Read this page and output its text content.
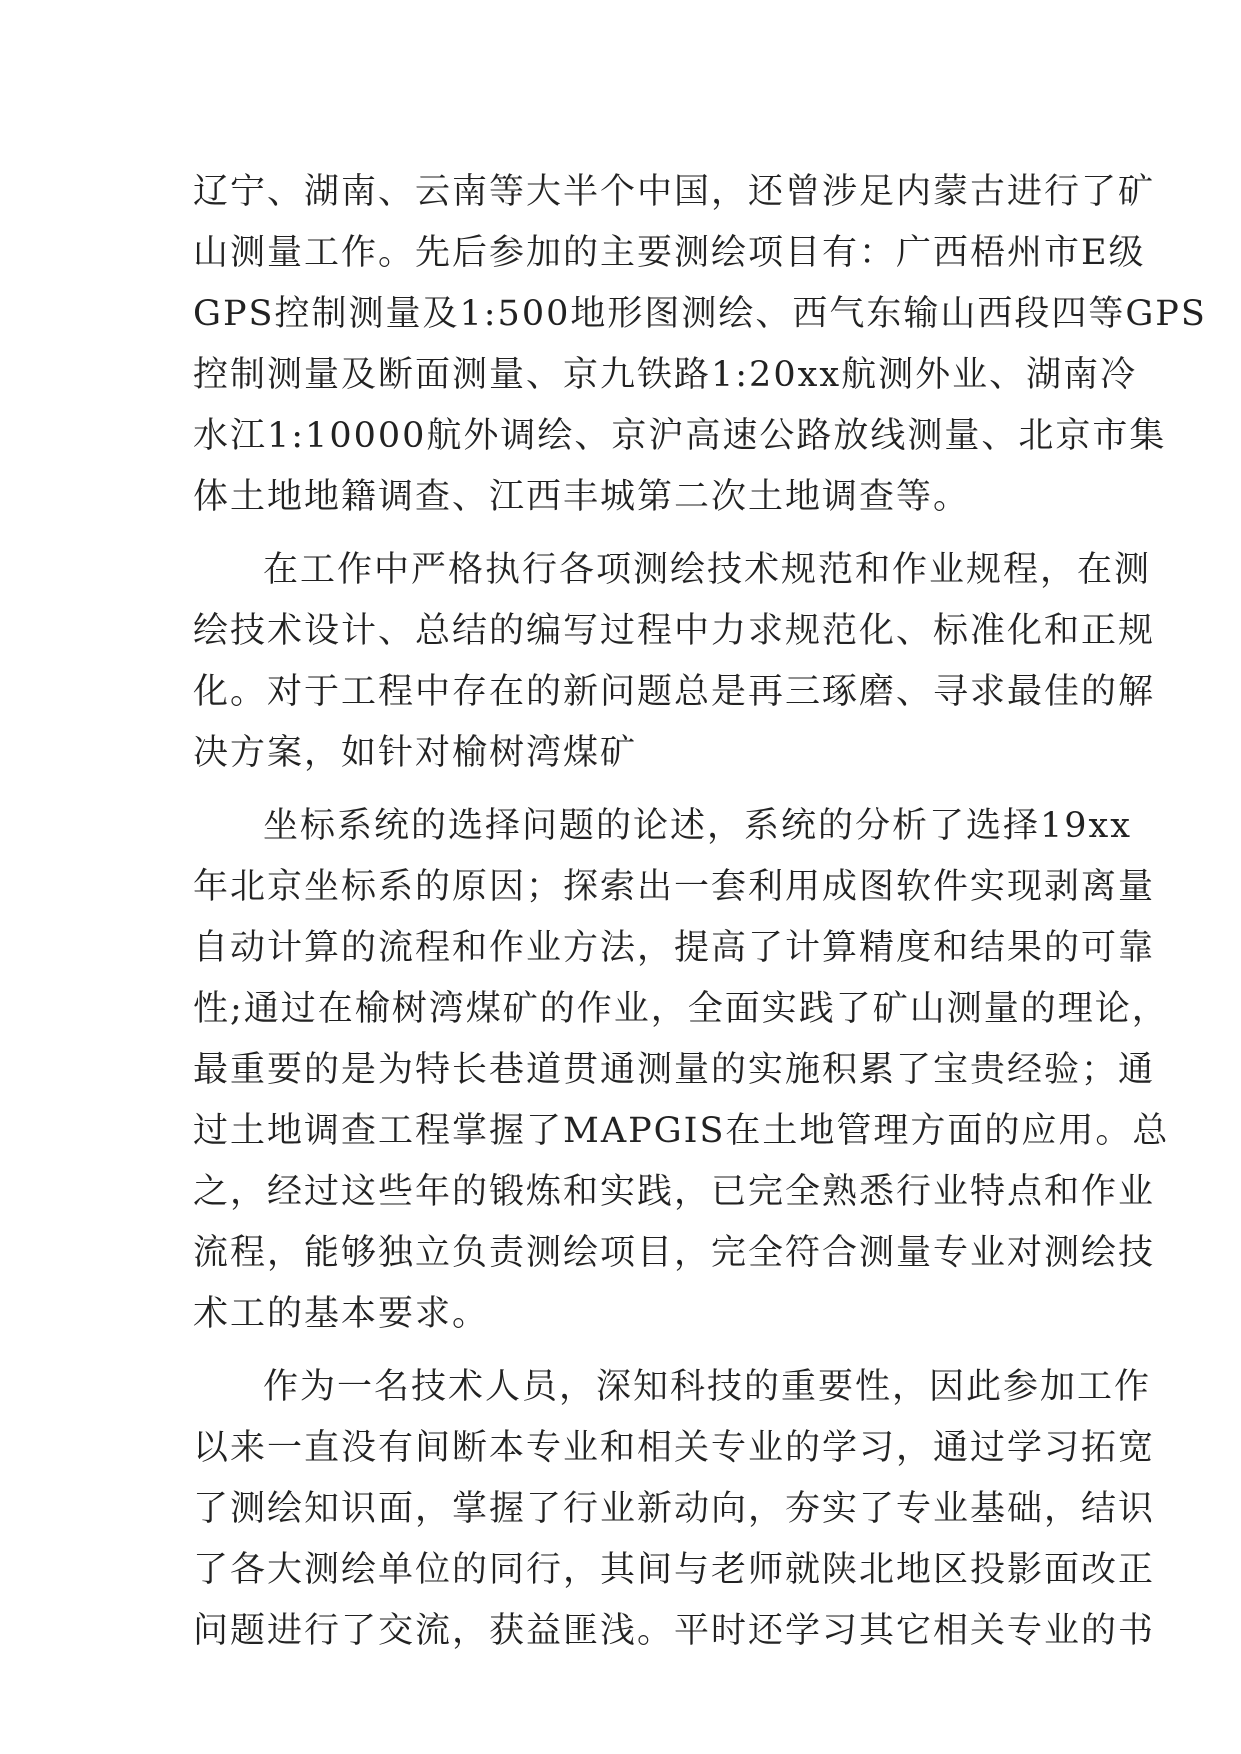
辽宁、湖南、云南等大半个中国，还曾涉足内蒙古进行了矿
山测量工作。先后参加的主要测绘项目有：广西梧州市E级
GPS控制测量及1:500地形图测绘、西气东输山西段四等GPS
控制测量及断面测量、京九铁路1:20xx航测外业、湖南冷
水江1:10000航外调绘、京沪高速公路放线测量、北京市集
体土地地籍调查、江西丰城第二次土地调查等。
在工作中严格执行各项测绘技术规范和作业规程，在测
绘技术设计、总结的编写过程中力求规范化、标准化和正规
化。对于工程中存在的新问题总是再三琢磨、寻求最佳的解
决方案，如针对榆树湾煤矿
坐标系统的选择问题的论述，系统的分析了选择19xx
年北京坐标系的原因；探索出一套利用成图软件实现剥离量
自动计算的流程和作业方法，提高了计算精度和结果的可靠
性;通过在榆树湾煤矿的作业，全面实践了矿山测量的理论，
最重要的是为特长巷道贯通测量的实施积累了宝贵经验；通
过土地调查工程掌握了MAPGIS在土地管理方面的应用。总
之，经过这些年的锻炼和实践，已完全熟悉行业特点和作业
流程，能够独立负责测绘项目，完全符合测量专业对测绘技
术工的基本要求。
作为一名技术人员，深知科技的重要性，因此参加工作
以来一直没有间断本专业和相关专业的学习，通过学习拓宽
了测绘知识面，掌握了行业新动向，夯实了专业基础，结识
了各大测绘单位的同行，其间与老师就陕北地区投影面改正
问题进行了交流，获益匪浅。平时还学习其它相关专业的书
